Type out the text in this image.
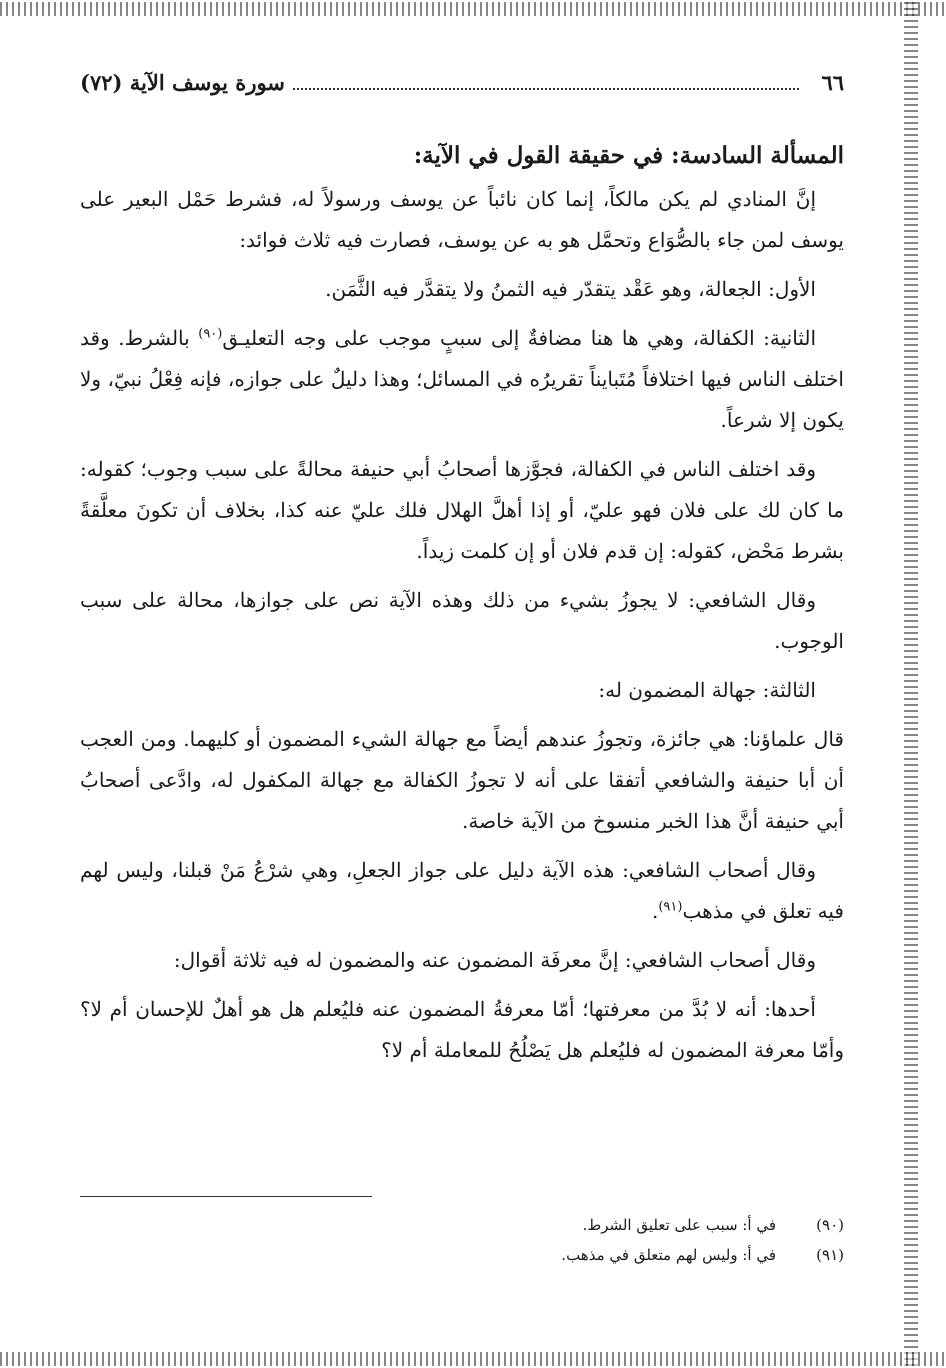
٦٦
سورة يوسف الآية (٧٢)
المسألة السادسة: في حقيقة القول في الآية:

إنَّ المنادي لم يكن مالكاً، إنما كان نائباً عن يوسف ورسولاً له، فشرط حَمْل البعير على يوسف لمن جاء بالصُّوَاع وتحمَّل هو به عن يوسف، فصارت فيه ثلاث فوائد:

الأول: الجعالة، وهو عَقْد يتقدّر فيه الثمنُ ولا يتقدَّر فيه الثَّمَن.

الثانية: الكفالة، وهي ها هنا مضافةٌ إلى سببٍ موجب على وجه التعليـق$^{(٩٠)}$ بالشرط. وقد اختلف الناس فيها اختلافاً مُتَبايناً تقريرُه في المسائل؛ وهذا دليلٌ على جوازه، فإنه فِعْلُ نبيّ، ولا يكون إلا شرعاً.

وقد اختلف الناس في الكفالة، فجوَّزها أصحابُ أبي حنيفة محالةً على سبب وجوب؛ كقوله: ما كان لك على فلان فهو عليّ، أو إذا أهلَّ الهلال فلك عليّ عنه كذا، بخلاف أن تكونَ معلَّقةً بشرط مَحْض، كقوله: إن قدم فلان أو إن كلمت زيداً.

وقال الشافعي: لا يجوزُ بشيء من ذلك وهذه الآية نص على جوازها، محالة على سبب الوجوب.

الثالثة: جهالة المضمون له:

قال علماؤنا: هي جائزة، وتجوزُ عندهم أيضاً مع جهالة الشيء المضمون أو كليهما. ومن العجب أن أبا حنيفة والشافعي أتفقا على أنه لا تجوزُ الكفالة مع جهالة المكفول له، وادَّعى أصحابُ أبي حنيفة أنَّ هذا الخبر منسوخ من الآية خاصة.

وقال أصحاب الشافعي: هذه الآية دليل على جواز الجعلِ، وهي شرْعُ مَنْ قبلنا، وليس لهم فيه تعلق في مذهب$^{(٩١)}$.

وقال أصحاب الشافعي: إنَّ معرفَة المضمون عنه والمضمون له فيه ثلاثة أقوال:

أحدها: أنه لا بُدَّ من معرفتها؛ أمّا معرفةُ المضمون عنه فليُعلم هل هو أهلٌ للإحسان أم لا؟ وأمّا معرفة المضمون له فليُعلم هل يَصْلُحُ للمعاملة أم لا؟

(٩٠)
في أ: سبب على تعليق الشرط.
(٩١)
في أ: وليس لهم متعلق في مذهب.
